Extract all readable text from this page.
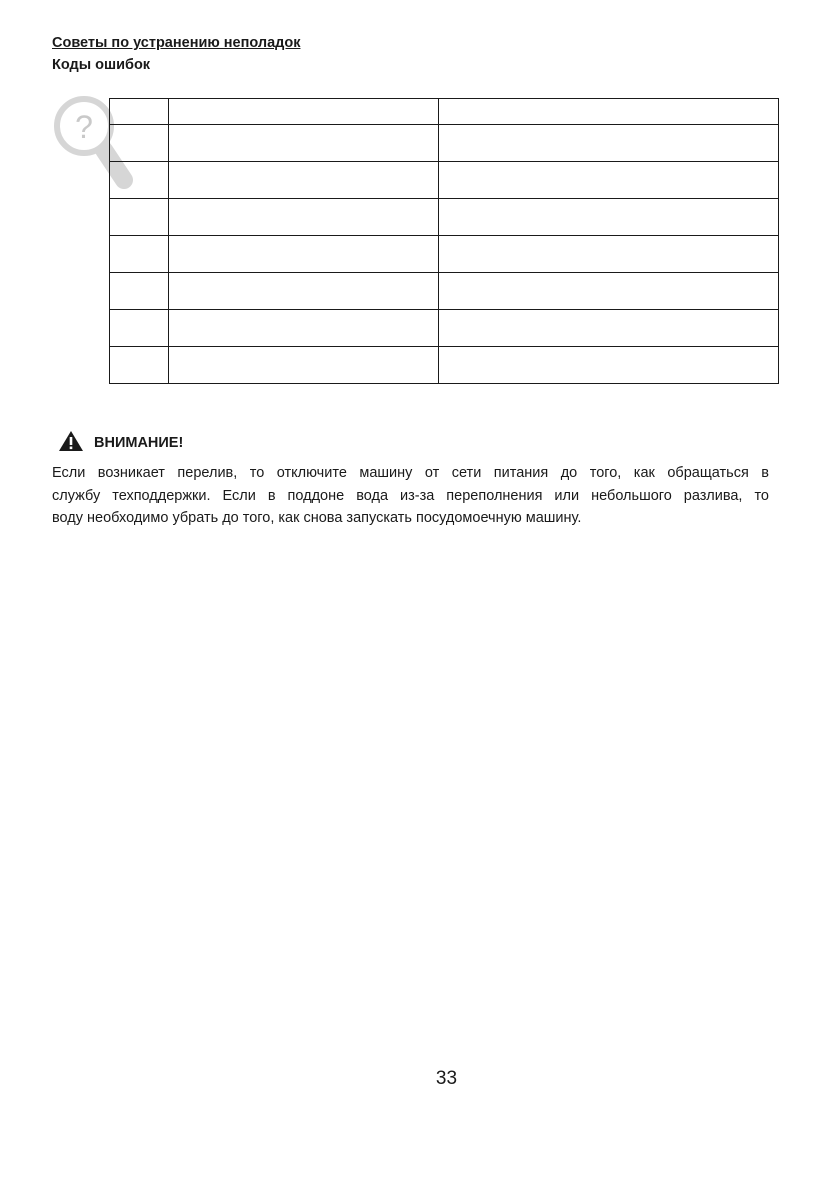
Советы по устранению неполадок
Коды ошибок
?

ВНИМАНИЕ!

Если возникает перелив, то отключите машину от сети питания до того, как обращаться в
службу техподдержки. Если в поддоне вода из-за переполнения или небольшого разлива, то
воду необходимо убрать до того, как снова запускать посудомоечную машину.

33
